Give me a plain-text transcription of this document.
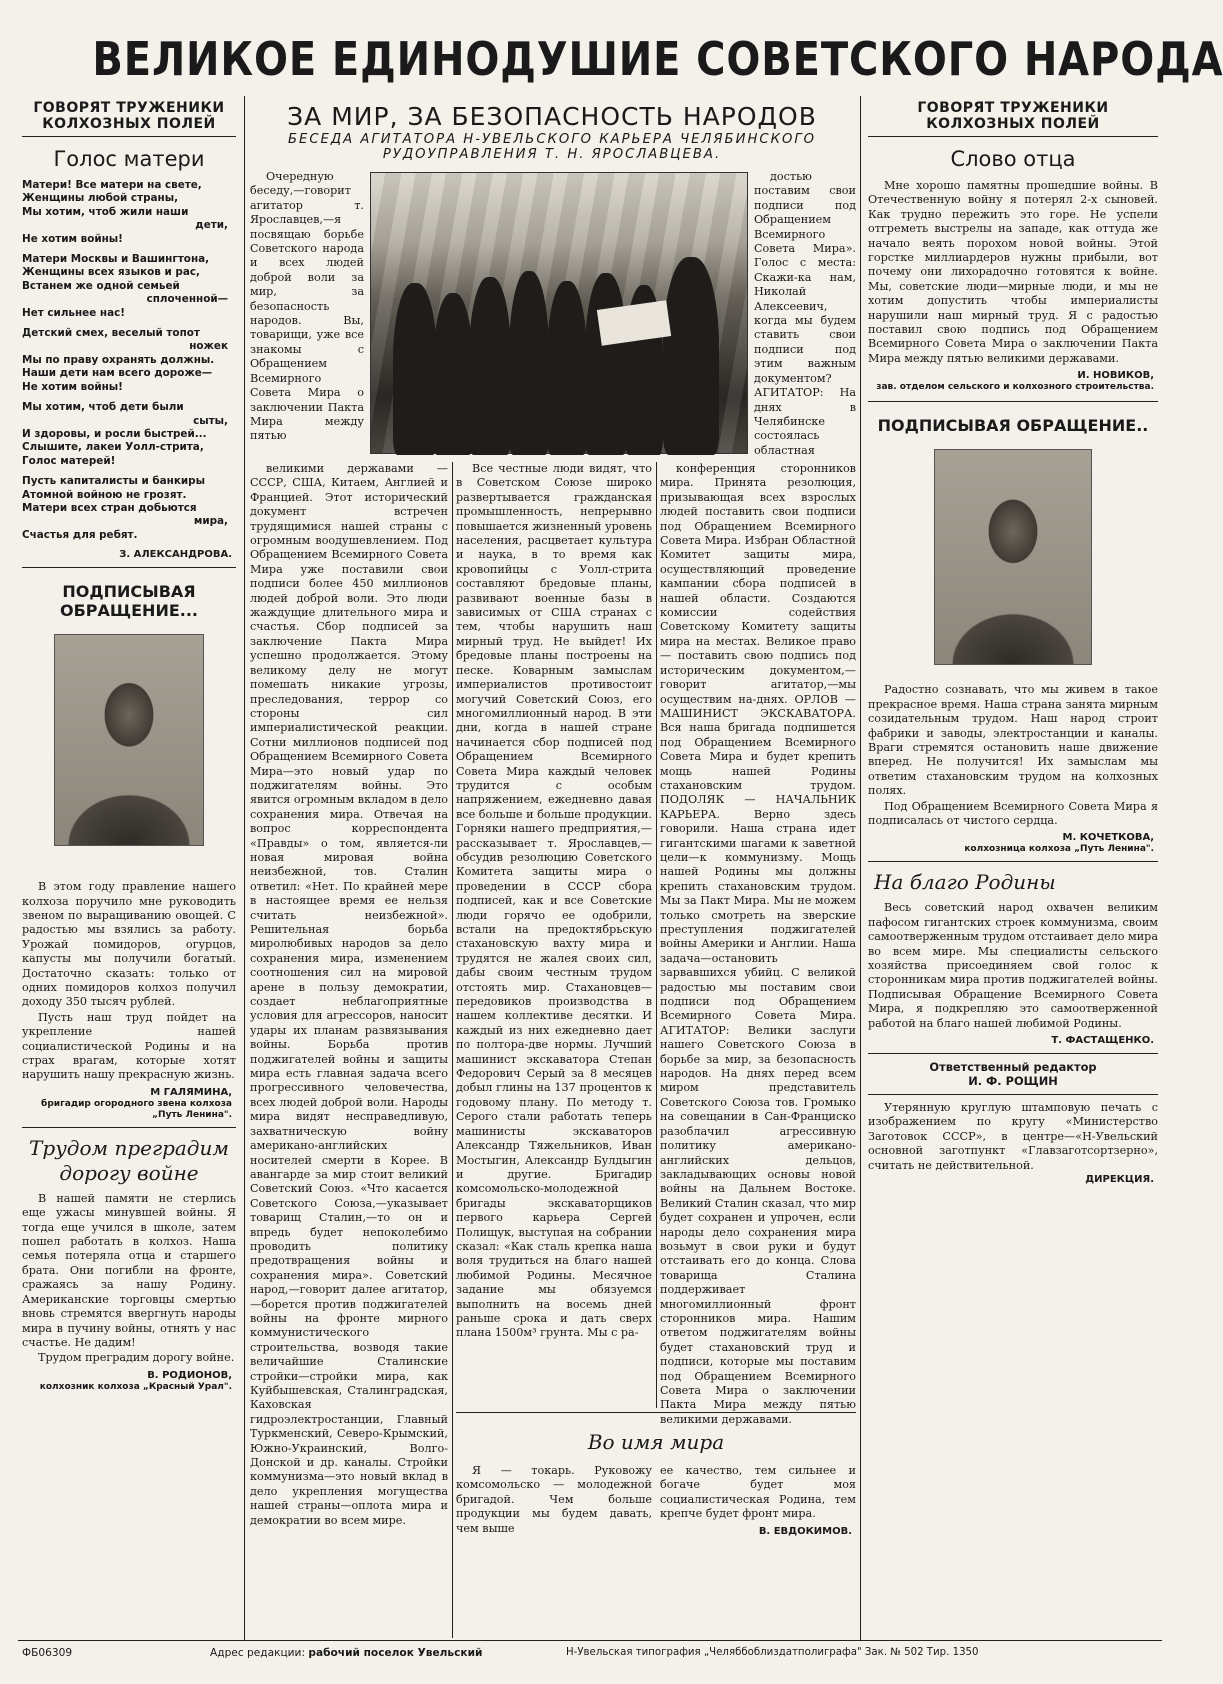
ВЕЛИКОЕ ЕДИНОДУШИЕ СОВЕТСКОГО НАРОДА
ГОВОРЯТ ТРУЖЕНИКИ КОЛХОЗНЫХ ПОЛЕЙ
Голос матери
Матери! Все матери на свете,
Женщины любой страны,
Мы хотим, чтоб жили наши
дети,
Не хотим войны!
Матери Москвы и Вашингтона,
Женщины всех языков и рас,
Встанем же одной семьей
сплоченной—
Нет сильнее нас!
Детский смех, веселый топот
ножек
Мы по праву охранять должны.
Наши дети нам всего дороже—
Не хотим войны!
Мы хотим, чтоб дети были
сыты,
И здоровы, и росли быстрей...
Слышите, лакеи Уолл-стрита,
Голос матерей!
Пусть капиталисты и банкиры
Атомной войною не грозят.
Матери всех стран добьются
мира,
Счастья для ребят.
З. АЛЕКСАНДРОВА.
ПОДПИСЫВАЯ ОБРАЩЕНИЕ...

В этом году правление нашего колхоза поручило мне руководить звеном по выращиванию овощей. С радостью мы взялись за работу. Урожай помидоров, огурцов, капусты мы получили богатый. Достаточно сказать: только от одних помидоров колхоз получил доходу 350 тысяч рублей.

Пусть наш труд пойдет на укрепление нашей социалистической Родины и на страх врагам, которые хотят нарушить нашу прекрасную жизнь.

М ГАЛЯМИНА,
бригадир огородного звена колхоза „Путь Ленина".
Трудом преградим дорогу войне

В нашей памяти не стерлись еще ужасы минувшей войны. Я тогда еще учился в школе, затем пошел работать в колхоз. Наша семья потеряла отца и старшего брата. Они погибли на фронте, сражаясь за нашу Родину. Американские торговцы смертью вновь стремятся ввергнуть народы мира в пучину войны, отнять у нас счастье. Не дадим!

Трудом преградим дорогу войне.

В. РОДИОНОВ,
колхозник колхоза „Красный Урал".
ЗА МИР, ЗА БЕЗОПАСНОСТЬ НАРОДОВ
БЕСЕДА АГИТАТОРА Н-УВЕЛЬСКОГО КАРЬЕРА ЧЕЛЯБИНСКОГО РУДОУПРАВЛЕНИЯ Т. Н. ЯРОСЛАВЦЕВА.

Очередную беседу,—говорит агитатор т. Ярославцев,—я посвящаю борьбе Советского народа и всех людей доброй воли за мир, за безопасность народов. Вы, товарищи, уже все знакомы с Обращением Всемирного Совета Мира о заключении Пакта Мира между пятью

достью поставим свои подписи под Обращением Всемирного Совета Мира». Голос с места: Скажи-ка нам, Николай Алексеевич, когда мы будем ставить свои подписи под этим важным документом? АГИТАТОР: На днях в Челябинске состоялась областная

великими державами — СССР, США, Китаем, Англией и Францией. Этот исторический документ встречен трудящимися нашей страны с огромным воодушевлением. Под Обращением Всемирного Совета Мира уже поставили свои подписи более 450 миллионов людей доброй воли. Это люди жаждущие длительного мира и счастья. Сбор подписей за заключение Пакта Мира успешно продолжается. Этому великому делу не могут помешать никакие угрозы, преследования, террор со стороны сил империалистической реакции. Сотни миллионов подписей под Обращением Всемирного Совета Мира—это новый удар по поджигателям войны. Это явится огромным вкладом в дело сохранения мира. Отвечая на вопрос корреспондента «Правды» о том, является-ли новая мировая война неизбежной, тов. Сталин ответил: «Нет. По крайней мере в настоящее время ее нельзя считать неизбежной». Решительная борьба миролюбивых народов за дело сохранения мира, изменением соотношения сил на мировой арене в пользу демократии, создает неблагоприятные условия для агрессоров, наносит удары их планам развязывания войны. Борьба против поджигателей войны и защиты мира есть главная задача всего прогрессивного человечества, всех людей доброй воли. Народы мира видят несправедливую, захватническую войну американо-английских носителей смерти в Корее. В авангарде за мир стоит великий Советский Союз. «Что касается Советского Союза,—указывает товарищ Сталин,—то он и впредь будет непоколебимо проводить политику предотвращения войны и сохранения мира». Советский народ,—говорит далее агитатор,—борется против поджигателей войны на фронте мирного коммунистического строительства, возводя такие величайшие Сталинские стройки—стройки мира, как Куйбышевская, Сталинградская, Каховская гидроэлектростанции, Главный Туркменский, Северо-Крымский, Южно-Украинский, Волго-Донской и др. каналы. Стройки коммунизма—это новый вклад в дело укрепления могущества нашей страны—оплота мира и демократии во всем мире.

Все честные люди видят, что в Советском Союзе широко развертывается гражданская промышленность, непрерывно повышается жизненный уровень населения, расцветает культура и наука, в то время как кровопийцы с Уолл-стрита составляют бредовые планы, развивают военные базы в зависимых от США странах с тем, чтобы нарушить наш мирный труд. Не выйдет! Их бредовые планы построены на песке. Коварным замыслам империалистов противостоит могучий Советский Союз, его многомиллионный народ. В эти дни, когда в нашей стране начинается сбор подписей под Обращением Всемирного Совета Мира каждый человек трудится с особым напряжением, ежедневно давая все больше и больше продукции. Горняки нашего предприятия,—рассказывает т. Ярославцев,—обсудив резолюцию Советского Комитета защиты мира о проведении в СССР сбора подписей, как и все Советские люди горячо ее одобрили, встали на предоктябрьскую стахановскую вахту мира и трудятся не жалея своих сил, дабы своим честным трудом отстоять мир. Стахановцев—передовиков производства в нашем коллективе десятки. И каждый из них ежедневно дает по полтора-две нормы. Лучший машинист экскаватора Степан Федорович Серый за 8 месяцев добыл глины на 137 процентов к годовому плану. По методу т. Серого стали работать теперь машинисты экскаваторов Александр Тяжельников, Иван Мостыгин, Александр Булдыгин и другие. Бригадир комсомольско-молодежной бригады экскаваторщиков первого карьера Сергей Полищук, выступая на собрании сказал: «Как сталь крепка наша воля трудиться на благо нашей любимой Родины. Месячное задание мы обязуемся выполнить на восемь дней раньше срока и дать сверх плана 1500м³ грунта. Мы с ра-

конференция сторонников мира. Принята резолюция, призывающая всех взрослых людей поставить свои подписи под Обращением Всемирного Совета Мира. Избран Областной Комитет защиты мира, осуществляющий проведение кампании сбора подписей в нашей области. Создаются комиссии содействия Советскому Комитету защиты мира на местах. Великое право — поставить свою подпись под историческим документом,—говорит агитатор,—мы осуществим на-днях. ОРЛОВ — МАШИНИСТ ЭКСКАВАТОРА. Вся наша бригада подпишется под Обращением Всемирного Совета Мира и будет крепить мощь нашей Родины стахановским трудом. ПОДОЛЯК — НАЧАЛЬНИК КАРЬЕРА. Верно здесь говорили. Наша страна идет гигантскими шагами к заветной цели—к коммунизму. Мощь нашей Родины мы должны крепить стахановским трудом. Мы за Пакт Мира. Мы не можем только смотреть на зверские преступления поджигателей войны Америки и Англии. Наша задача—остановить зарвавшихся убийц. С великой радостью мы поставим свои подписи под Обращением Всемирного Совета Мира. АГИТАТОР: Велики заслуги нашего Советского Союза в борьбе за мир, за безопасность народов. На днях перед всем миром представитель Советского Союза тов. Громыко на совещании в Сан-Франциско разоблачил агрессивную политику американо-английских дельцов, закладывающих основы новой войны на Дальнем Востоке. Великий Сталин сказал, что мир будет сохранен и упрочен, если народы дело сохранения мира возьмут в свои руки и будут отстаивать его до конца. Слова товарища Сталина поддерживает многомиллионный фронт сторонников мира. Нашим ответом поджигателям войны будет стахановский труд и подписи, которые мы поставим под Обращением Всемирного Совета Мира о заключении Пакта Мира между пятью великими державами.

Во имя мира

Я — токарь. Руковожу комсомольско — молодежной бригадой. Чем больше продукции мы будем давать, чем выше

ее качество, тем сильнее и богаче будет моя социалистическая Родина, тем крепче будет фронт мира.

В. ЕВДОКИМОВ.
ГОВОРЯТ ТРУЖЕНИКИ КОЛХОЗНЫХ ПОЛЕЙ
Слово отца

Мне хорошо памятны прошедшие войны. В Отечественную войну я потерял 2-х сыновей. Как трудно пережить это горе. Не успели отгреметь выстрелы на западе, как оттуда же начало веять порохом новой войны. Этой горстке миллиардеров нужны прибыли, вот почему они лихорадочно готовятся к войне. Мы, советские люди—мирные люди, и мы не хотим допустить чтобы империалисты нарушили наш мирный труд. Я с радостью поставил свою подпись под Обращением Всемирного Совета Мира о заключении Пакта Мира между пятью великими державами.

И. НОВИКОВ,
зав. отделом сельского и колхозного строительства.
ПОДПИСЫВАЯ ОБРАЩЕНИЕ..

Радостно сознавать, что мы живем в такое прекрасное время. Наша страна занята мирным созидательным трудом. Наш народ строит фабрики и заводы, электростанции и каналы. Враги стремятся остановить наше движение вперед. Не получится! Их замыслам мы ответим стахановским трудом на колхозных полях.

Под Обращением Всемирного Совета Мира я подписалась от чистого сердца.

М. КОЧЕТКОВА,
колхозница колхоза „Путь Ленина".
На благо Родины

Весь советский народ охвачен великим пафосом гигантских строек коммунизма, своим самоотверженным трудом отстаивает дело мира во всем мире. Мы специалисты сельского хозяйства присоединяем свой голос к сторонникам мира против поджигателей войны. Подписывая Обращение Всемирного Совета Мира, я подкрепляю это самоотверженной работой на благо нашей любимой Родины.

Т. ФАСТАЩЕНКО.
Ответственный редактор
И. Ф. РОЩИН

Утерянную круглую штамповую печать с изображением по кругу «Министерство Заготовок СССР», в центре—«Н-Увельский основной заготпункт «Главзаготсортзерно», считать не действительной.

ДИРЕКЦИЯ.
ФБ06309	Адрес редакции: рабочий поселок Увельский	Н-Увельская типография „Челяббоблиздатполиграфа" Зак. № 502 Тир. 1350
